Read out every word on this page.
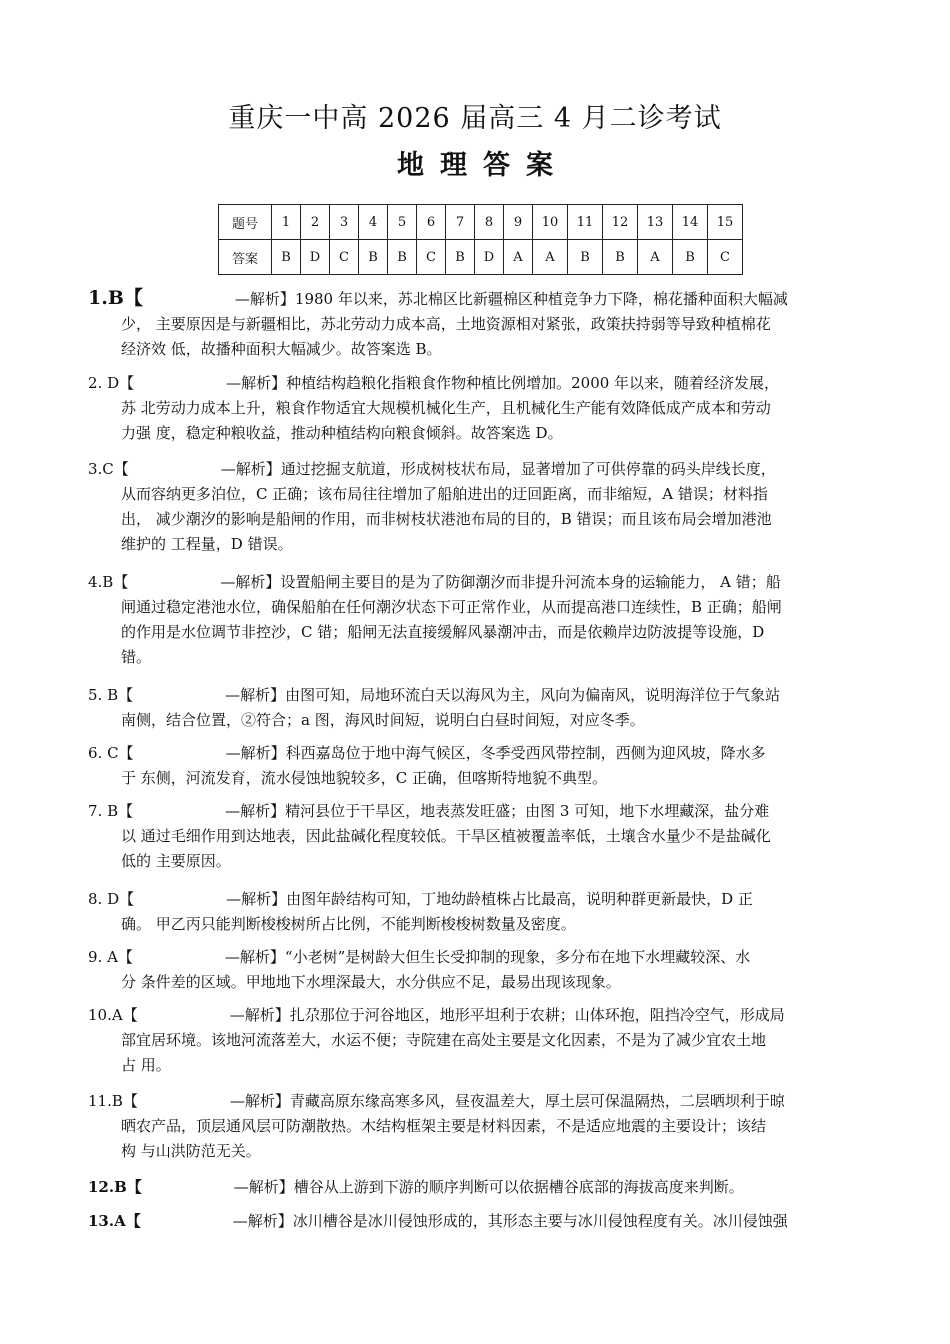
重庆一中高 2026 届高三 4 月二诊考试
地理答案
题号	1	2	3	4	5	6	7	8	9	10	11	12	13	14	15
答案	B	D	C	B	B	C	B	D	A	A	B	B	A	B	C
1.B【	—解析】1980 年以来，苏北棉区比新疆棉区种植竞争力下降，棉花播种面积大幅减
少， 主要原因是与新疆相比，苏北劳动力成本高，土地资源相对紧张，政策扶持弱等导致种植棉花
经济效 低，故播种面积大幅减少。故答案选 B。
2. D【	—解析】种植结构趋粮化指粮食作物种植比例增加。2000 年以来，随着经济发展，
苏 北劳动力成本上升，粮食作物适宜大规模机械化生产，且机械化生产能有效降低成产成本和劳动
力强 度，稳定种粮收益，推动种植结构向粮食倾斜。故答案选 D。
3.C【	—解析】通过挖掘支航道，形成树枝状布局，显著增加了可供停靠的码头岸线长度，
从而容纳更多泊位，C 正确；该布局往往增加了船舶进出的迂回距离，而非缩短，A 错误；材料指
出， 减少潮汐的影响是船闸的作用，而非树枝状港池布局的目的，B 错误；而且该布局会增加港池
维护的 工程量，D 错误。
4.B【	—解析】设置船闸主要目的是为了防御潮汐而非提升河流本身的运输能力， A 错；船
闸通过稳定港池水位，确保船舶在任何潮汐状态下可正常作业，从而提高港口连续性，B 正确；船闸
的作用是水位调节非控沙，C 错；船闸无法直接缓解风暴潮冲击，而是依赖岸边防波提等设施，D
错。
5. B【	—解析】由图可知，局地环流白天以海风为主，风向为偏南风，说明海洋位于气象站
南侧，结合位置，②符合；a 图，海风时间短，说明白白昼时间短，对应冬季。
6. C【	—解析】科西嘉岛位于地中海气候区，冬季受西风带控制，西侧为迎风坡，降水多
于 东侧，河流发育，流水侵蚀地貌较多，C 正确，但喀斯特地貌不典型。
7. B【	—解析】精河县位于干旱区，地表蒸发旺盛；由图 3 可知，地下水埋藏深，盐分难
以 通过毛细作用到达地表，因此盐碱化程度较低。干旱区植被覆盖率低，土壤含水量少不是盐碱化
低的 主要原因。
8. D【	—解析】由图年龄结构可知，丁地幼龄植株占比最高，说明种群更新最快，D 正
确。 甲乙丙只能判断梭梭树所占比例，不能判断梭梭树数量及密度。
9. A【	—解析】“小老树”是树龄大但生长受抑制的现象，多分布在地下水埋藏较深、水
分 条件差的区域。甲地地下水埋深最大，水分供应不足，最易出现该现象。
10.A【	—解析】扎尕那位于河谷地区，地形平坦利于农耕；山体环抱，阻挡冷空气，形成局
部宜居环境。该地河流落差大，水运不便；寺院建在高处主要是文化因素，不是为了减少宜农土地
占 用。
11.B【	—解析】青藏高原东缘高寒多风，昼夜温差大，厚土层可保温隔热，二层晒坝利于晾
晒农产品，顶层通风层可防潮散热。木结构框架主要是材料因素，不是适应地震的主要设计；该结
构 与山洪防范无关。
12.B【	—解析】槽谷从上游到下游的顺序判断可以依据槽谷底部的海拔高度来判断。
13.A【	—解析】冰川槽谷是冰川侵蚀形成的，其形态主要与冰川侵蚀程度有关。冰川侵蚀强
